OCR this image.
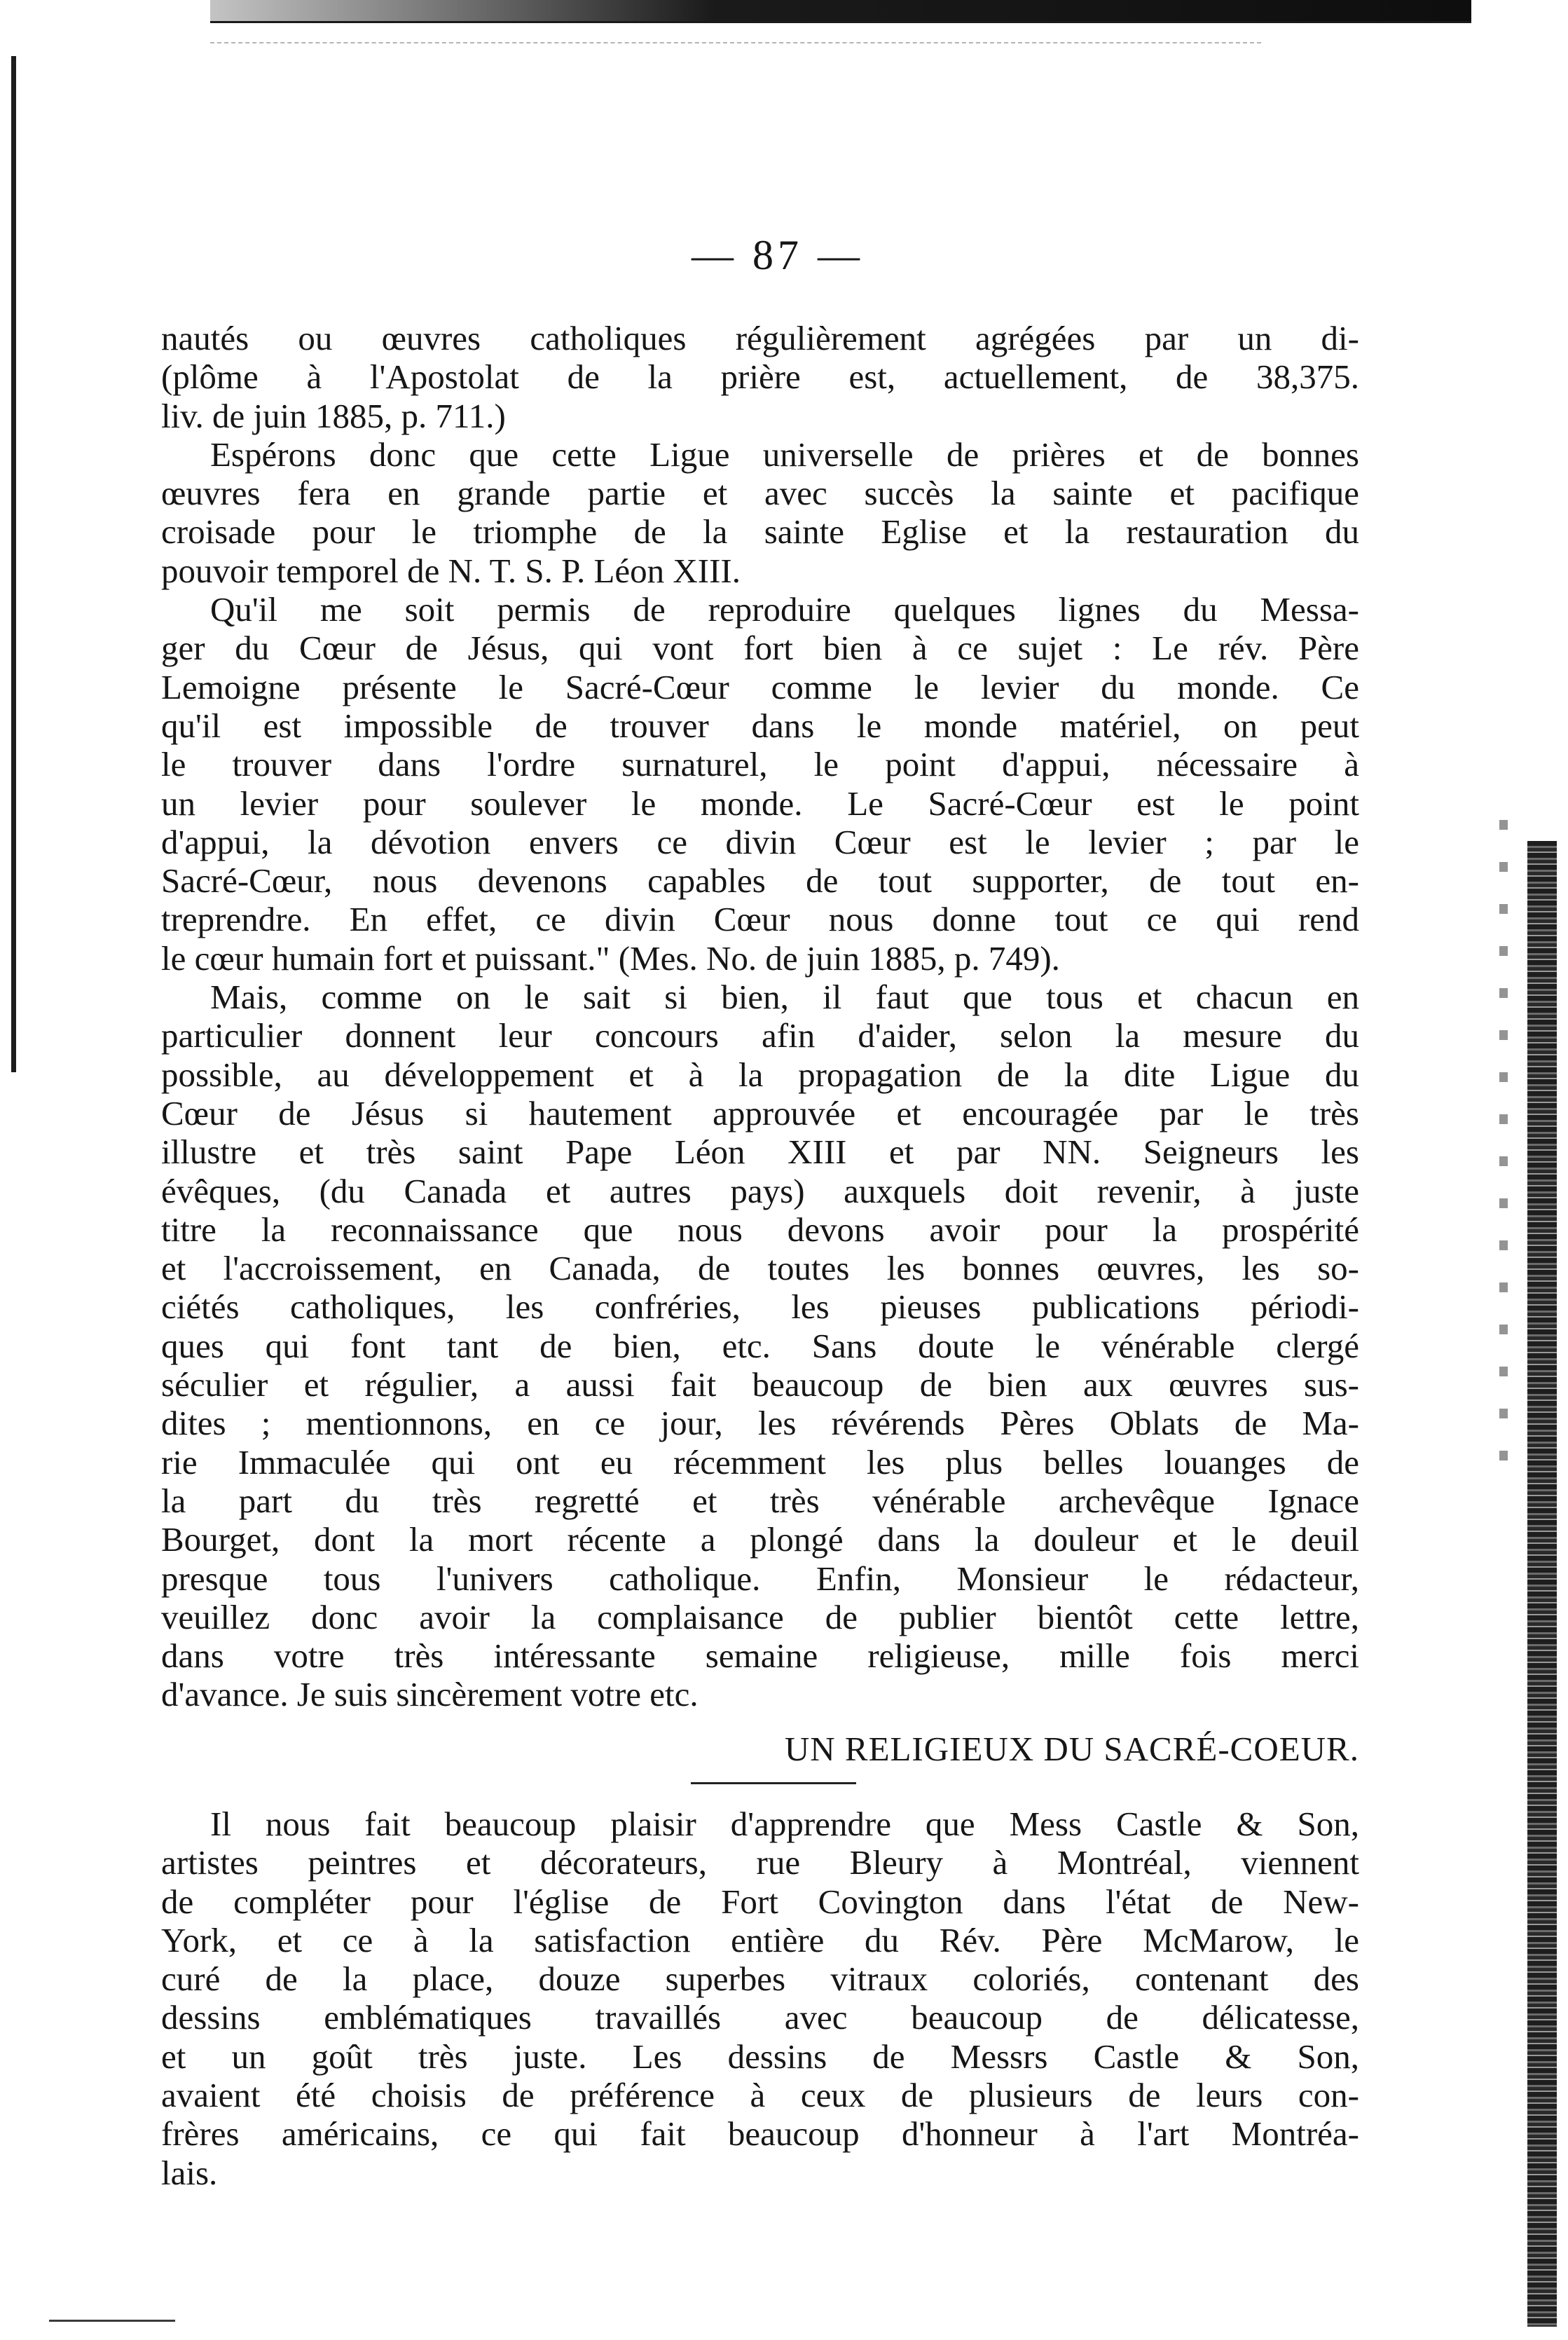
— 87 —
nautés ou œuvres catholiques régulièrement agrégées par un di-
(plôme à l'Apostolat de la prière est, actuellement, de 38,375.
liv. de juin 1885, p. 711.)
Espérons donc que cette Ligue universelle de prières et de bonnes
œuvres fera en grande partie et avec succès la sainte et pacifique
croisade pour le triomphe de la sainte Eglise et la restauration du
pouvoir temporel de N. T. S. P. Léon XIII.
Qu'il me soit permis de reproduire quelques lignes du Messa-
ger du Cœur de Jésus, qui vont fort bien à ce sujet : Le rév. Père
Lemoigne présente le Sacré-Cœur comme le levier du monde. Ce
qu'il est impossible de trouver dans le monde matériel, on peut
le trouver dans l'ordre surnaturel, le point d'appui, nécessaire à
un levier pour soulever le monde. Le Sacré-Cœur est le point
d'appui, la dévotion envers ce divin Cœur est le levier ; par le
Sacré-Cœur, nous devenons capables de tout supporter, de tout en-
treprendre. En effet, ce divin Cœur nous donne tout ce qui rend
le cœur humain fort et puissant." (Mes. No. de juin 1885, p. 749).
Mais, comme on le sait si bien, il faut que tous et chacun en
particulier donnent leur concours afin d'aider, selon la mesure du
possible, au développement et à la propagation de la dite Ligue du
Cœur de Jésus si hautement approuvée et encouragée par le très
illustre et très saint Pape Léon XIII et par NN. Seigneurs les
évêques, (du Canada et autres pays) auxquels doit revenir, à juste
titre la reconnaissance que nous devons avoir pour la prospérité
et l'accroissement, en Canada, de toutes les bonnes œuvres, les so-
ciétés catholiques, les confréries, les pieuses publications périodi-
ques qui font tant de bien, etc. Sans doute le vénérable clergé
séculier et régulier, a aussi fait beaucoup de bien aux œuvres sus-
dites ; mentionnons, en ce jour, les révérends Pères Oblats de Ma-
rie Immaculée qui ont eu récemment les plus belles louanges de
la part du très regretté et très vénérable archevêque Ignace
Bourget, dont la mort récente a plongé dans la douleur et le deuil
presque tous l'univers catholique. Enfin, Monsieur le rédacteur,
veuillez donc avoir la complaisance de publier bientôt cette lettre,
dans votre très intéressante semaine religieuse, mille fois merci
d'avance. Je suis sincèrement votre etc.
UN RELIGIEUX DU SACRÉ-COEUR.
Il nous fait beaucoup plaisir d'apprendre que Mess Castle & Son,
artistes peintres et décorateurs, rue Bleury à Montréal, viennent
de compléter pour l'église de Fort Covington dans l'état de New-
York, et ce à la satisfaction entière du Rév. Père McMarow, le
curé de la place, douze superbes vitraux coloriés, contenant des
dessins emblématiques travaillés avec beaucoup de délicatesse,
et un goût très juste. Les dessins de Messrs Castle & Son,
avaient été choisis de préférence à ceux de plusieurs de leurs con-
frères américains, ce qui fait beaucoup d'honneur à l'art Montréa-
lais.
